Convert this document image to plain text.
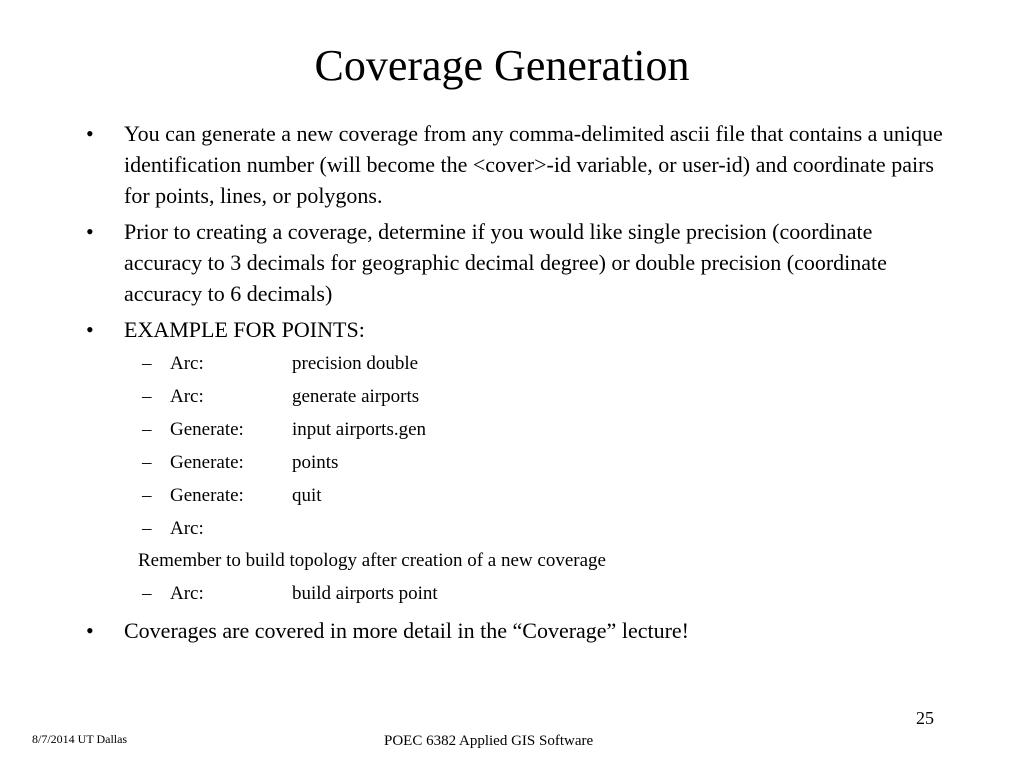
Coverage Generation
• You can generate a new coverage from any comma-delimited ascii file that contains a unique identification number (will become the <cover>-id variable, or user-id) and coordinate pairs for points, lines, or polygons.
• Prior to creating a coverage, determine if you would like single precision (coordinate accuracy to 3 decimals for geographic decimal degree) or double precision (coordinate accuracy to 6 decimals)
• EXAMPLE FOR POINTS:
– Arc:	precision double
– Arc:	generate airports
– Generate:	input airports.gen
– Generate:	points
– Generate:	quit
– Arc:
Remember to build topology after creation of a new coverage
– Arc:	build airports point
• Coverages are covered in more detail in the “Coverage” lecture!
25
8/7/2014 UT Dallas	POEC 6382 Applied GIS Software
